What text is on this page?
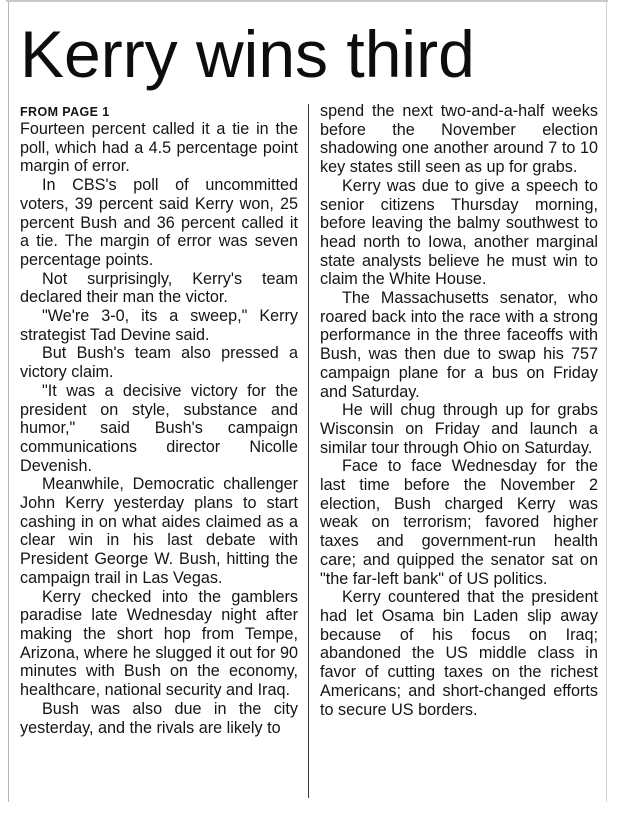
Kerry wins third
FROM PAGE 1

Fourteen percent called it a tie in the poll, which had a 4.5 percentage point margin of error.

In CBS's poll of uncommitted voters, 39 percent said Kerry won, 25 percent Bush and 36 percent called it a tie. The margin of error was seven percentage points.

Not surprisingly, Kerry's team declared their man the victor.

"We're 3-0, its a sweep," Kerry strategist Tad Devine said.

But Bush's team also pressed a victory claim.

"It was a decisive victory for the president on style, substance and humor," said Bush's campaign communications director Nicolle Devenish.

Meanwhile, Democratic challenger John Kerry yesterday plans to start cashing in on what aides claimed as a clear win in his last debate with President George W. Bush, hitting the campaign trail in Las Vegas.

Kerry checked into the gamblers paradise late Wednesday night after making the short hop from Tempe, Arizona, where he slugged it out for 90 minutes with Bush on the economy, healthcare, national security and Iraq.

Bush was also due in the city yesterday, and the rivals are likely to

spend the next two-and-a-half weeks before the November election shadowing one another around 7 to 10 key states still seen as up for grabs.

Kerry was due to give a speech to senior citizens Thursday morning, before leaving the balmy southwest to head north to Iowa, another marginal state analysts believe he must win to claim the White House.

The Massachusetts senator, who roared back into the race with a strong performance in the three faceoffs with Bush, was then due to swap his 757 campaign plane for a bus on Friday and Saturday.

He will chug through up for grabs Wisconsin on Friday and launch a similar tour through Ohio on Saturday.

Face to face Wednesday for the last time before the November 2 election, Bush charged Kerry was weak on terrorism; favored higher taxes and government-run health care; and quipped the senator sat on "the far-left bank" of US politics.

Kerry countered that the president had let Osama bin Laden slip away because of his focus on Iraq; abandoned the US middle class in favor of cutting taxes on the richest Americans; and short-changed efforts to secure US borders.
